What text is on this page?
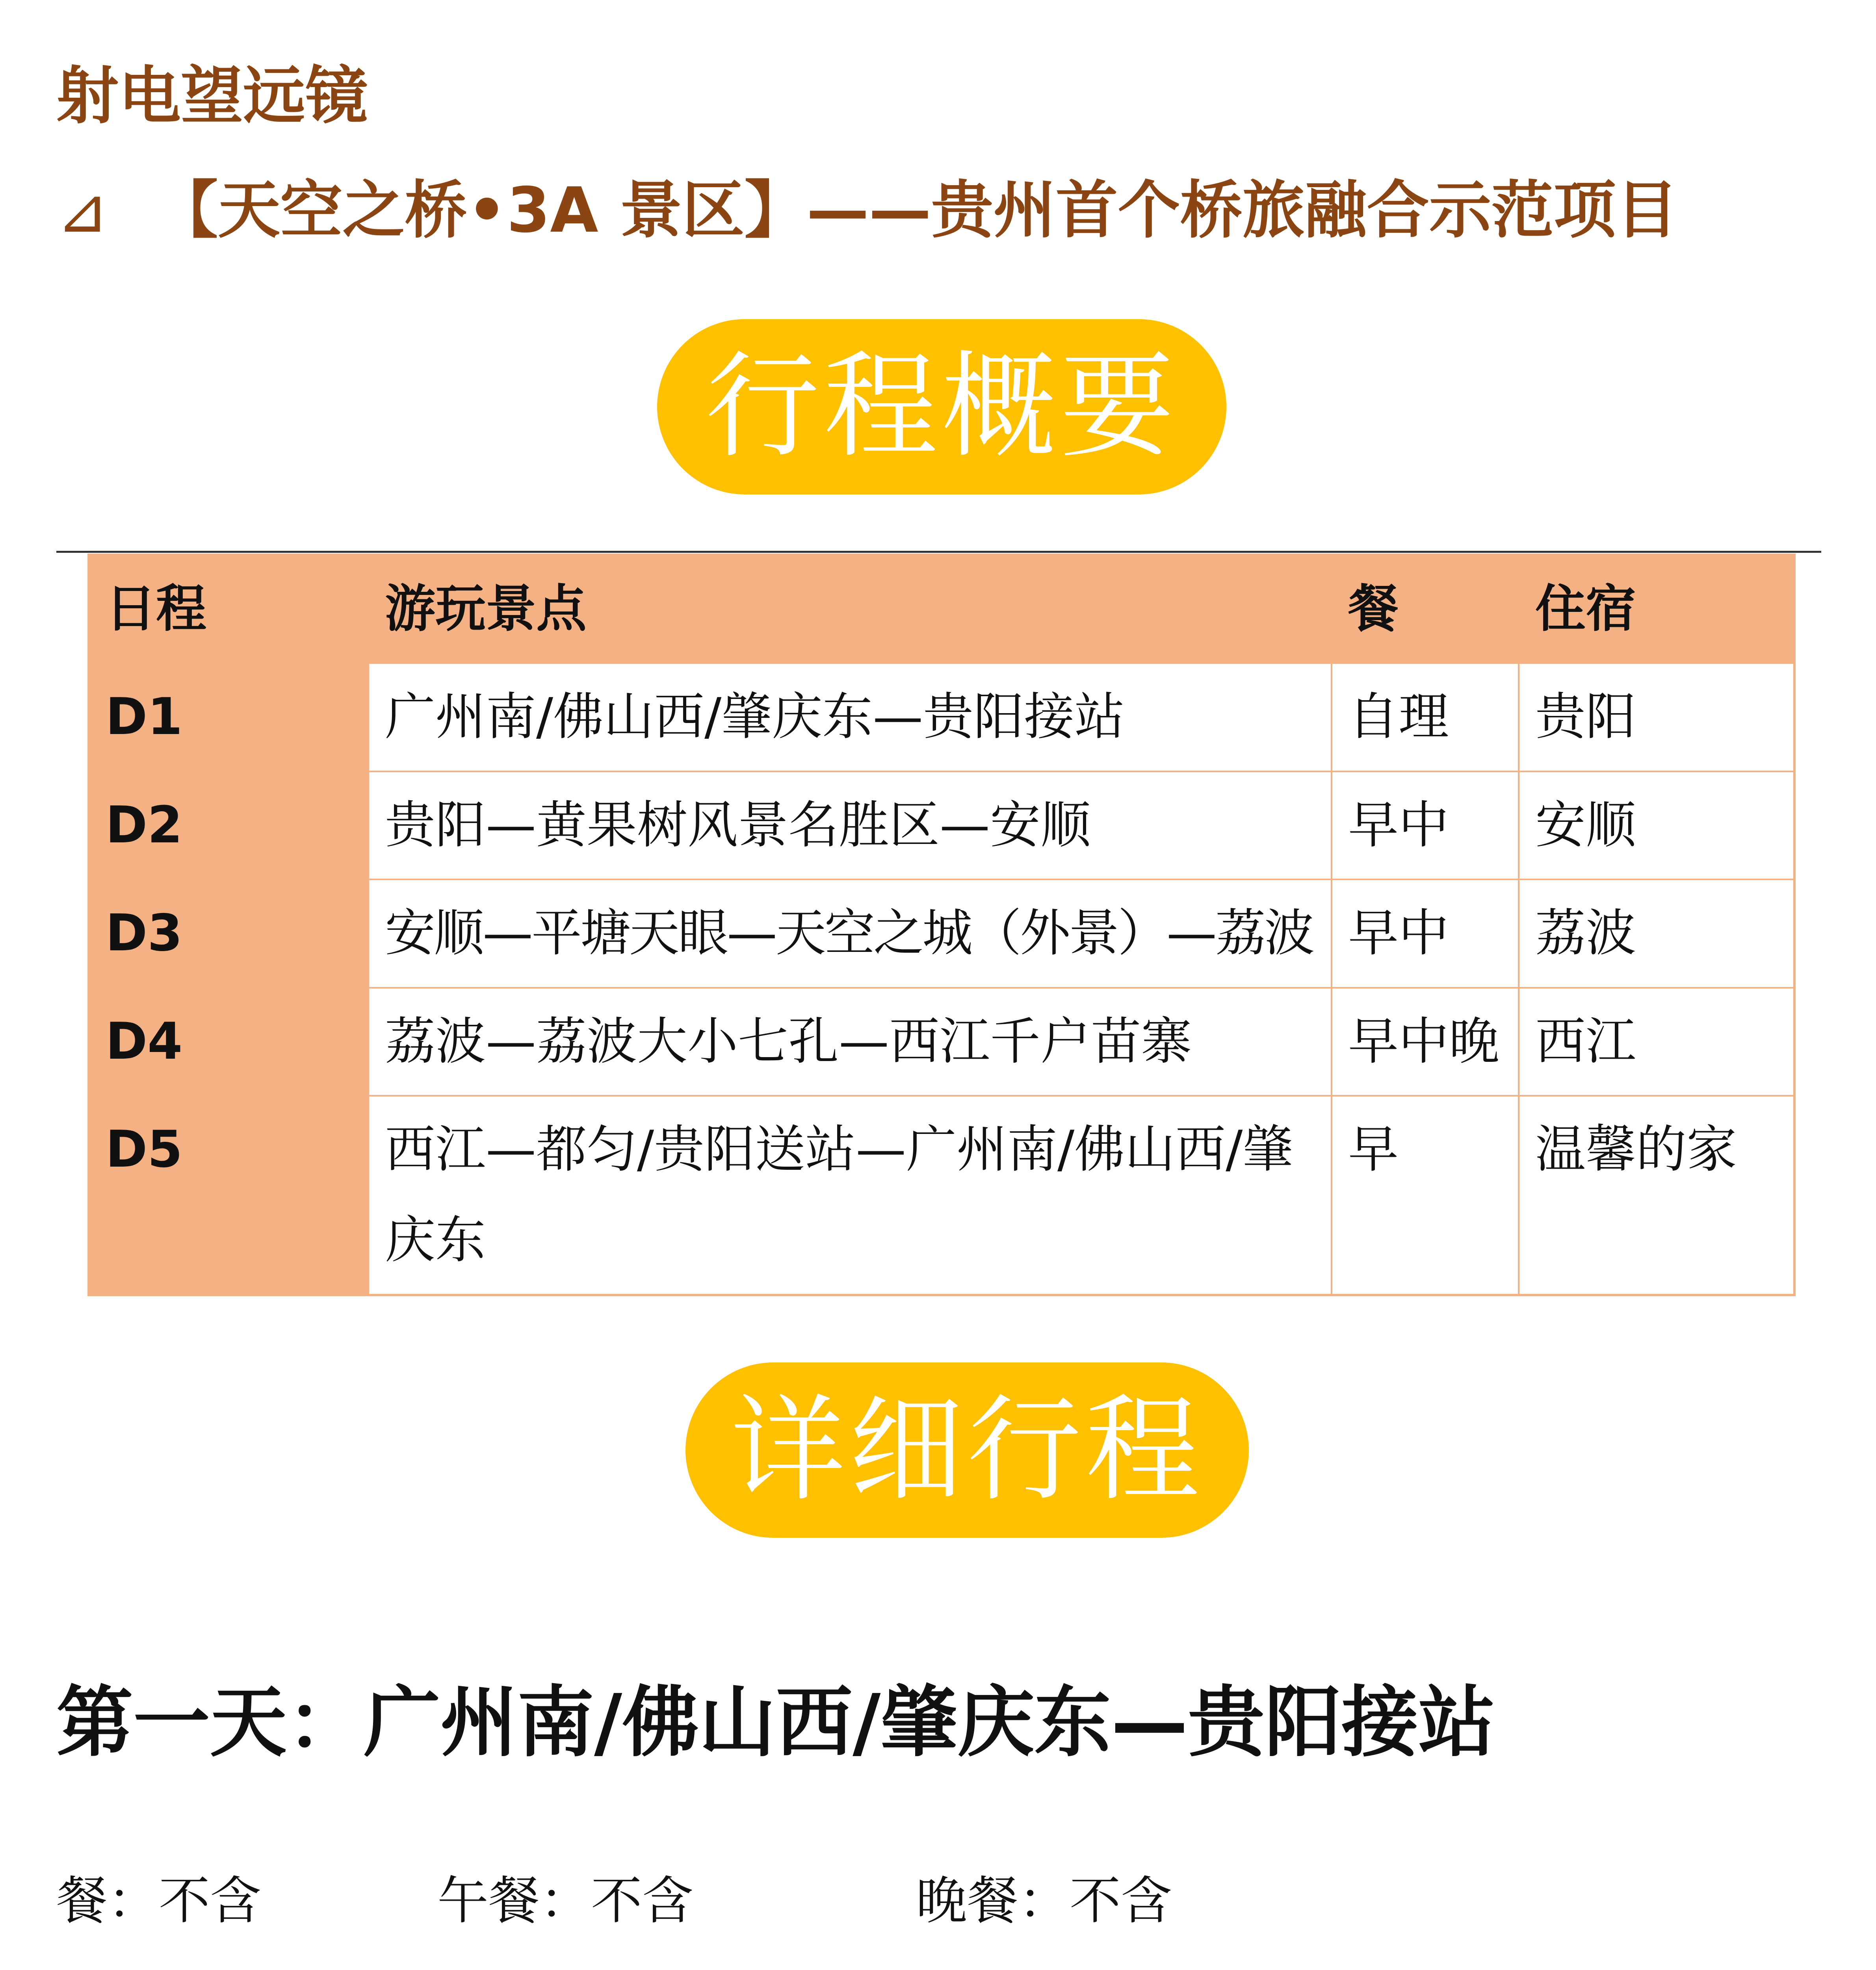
射电望远镜
⊿ 【天空之桥•3A 景区】——贵州首个桥旅融合示范项目
行程概要
日程	游玩景点	餐	住宿
D1	广州南/佛山西/肇庆东—贵阳接站	自理	贵阳
D2	贵阳—黄果树风景名胜区—安顺	早中	安顺
D3	安顺—平塘天眼—天空之城（外景）—荔波	早中	荔波
D4	荔波—荔波大小七孔—西江千户苗寨	早中晚	西江
D5	西江—都匀/贵阳送站—广州南/佛山西/肇庆东	早	温馨的家
详细行程
第一天：广州南/佛山西/肇庆东—贵阳接站
餐：不含	午餐：不含	晚餐：不含
